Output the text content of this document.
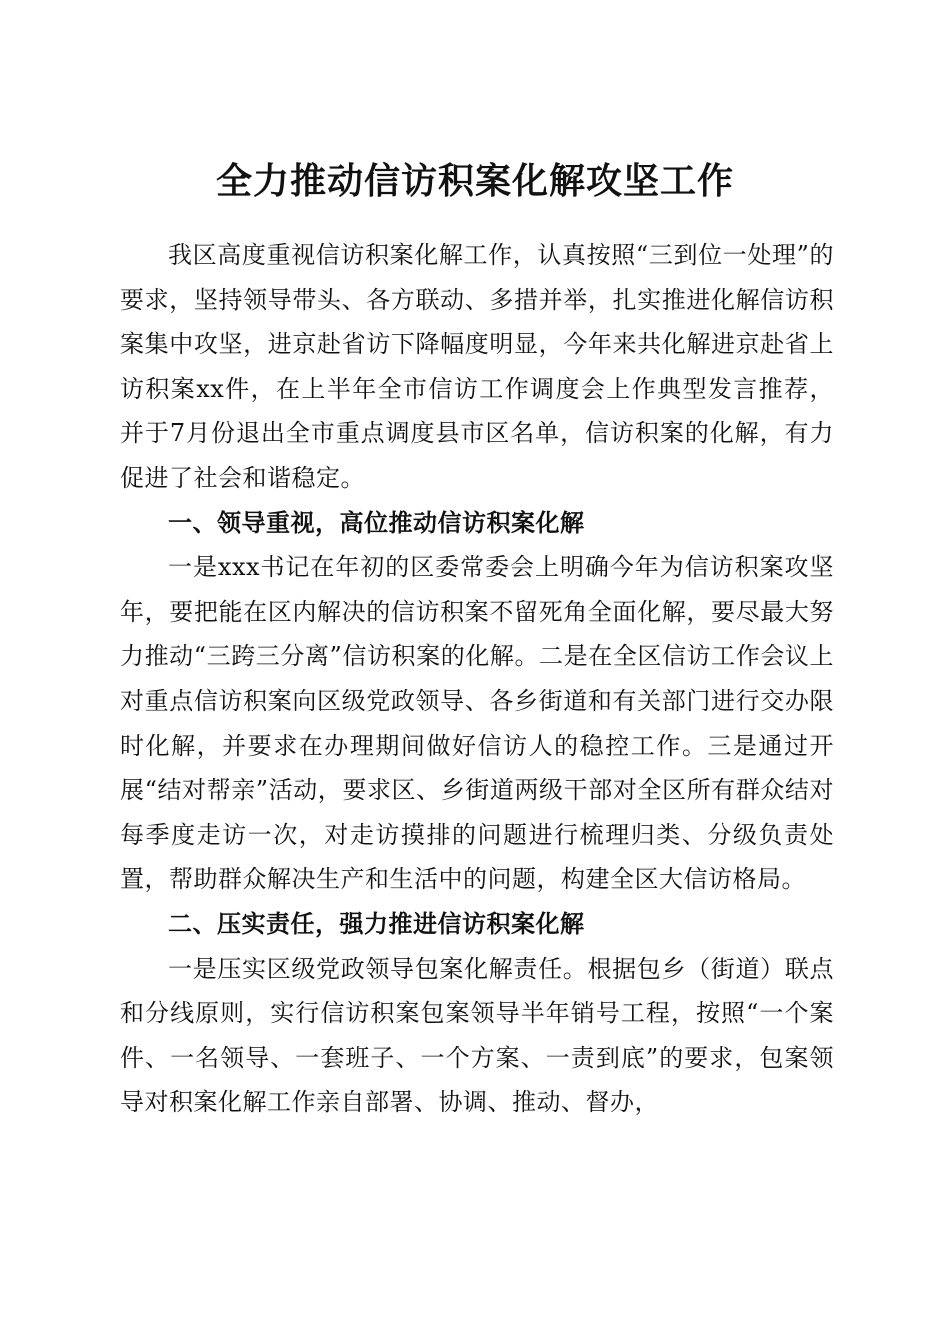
全力推动信访积案化解攻坚工作

我区高度重视信访积案化解工作，认真按照“三到位一处理”的要求，坚持领导带头、各方联动、多措并举，扎实推进化解信访积案集中攻坚，进京赴省访下降幅度明显，今年来共化解进京赴省上访积案xx件，在上半年全市信访工作调度会上作典型发言推荐，并于7月份退出全市重点调度县市区名单，信访积案的化解，有力促进了社会和谐稳定。

一、领导重视，高位推动信访积案化解

一是xxx书记在年初的区委常委会上明确今年为信访积案攻坚年，要把能在区内解决的信访积案不留死角全面化解，要尽最大努力推动“三跨三分离”信访积案的化解。二是在全区信访工作会议上对重点信访积案向区级党政领导、各乡街道和有关部门进行交办限时化解，并要求在办理期间做好信访人的稳控工作。三是通过开展“结对帮亲”活动，要求区、乡街道两级干部对全区所有群众结对每季度走访一次，对走访摸排的问题进行梳理归类、分级负责处置，帮助群众解决生产和生活中的问题，构建全区大信访格局。

二、压实责任，强力推进信访积案化解

一是压实区级党政领导包案化解责任。根据包乡（街道）联点和分线原则，实行信访积案包案领导半年销号工程，按照“一个案件、一名领导、一套班子、一个方案、一责到底”的要求，包案领导对积案化解工作亲自部署、协调、推动、督办，
